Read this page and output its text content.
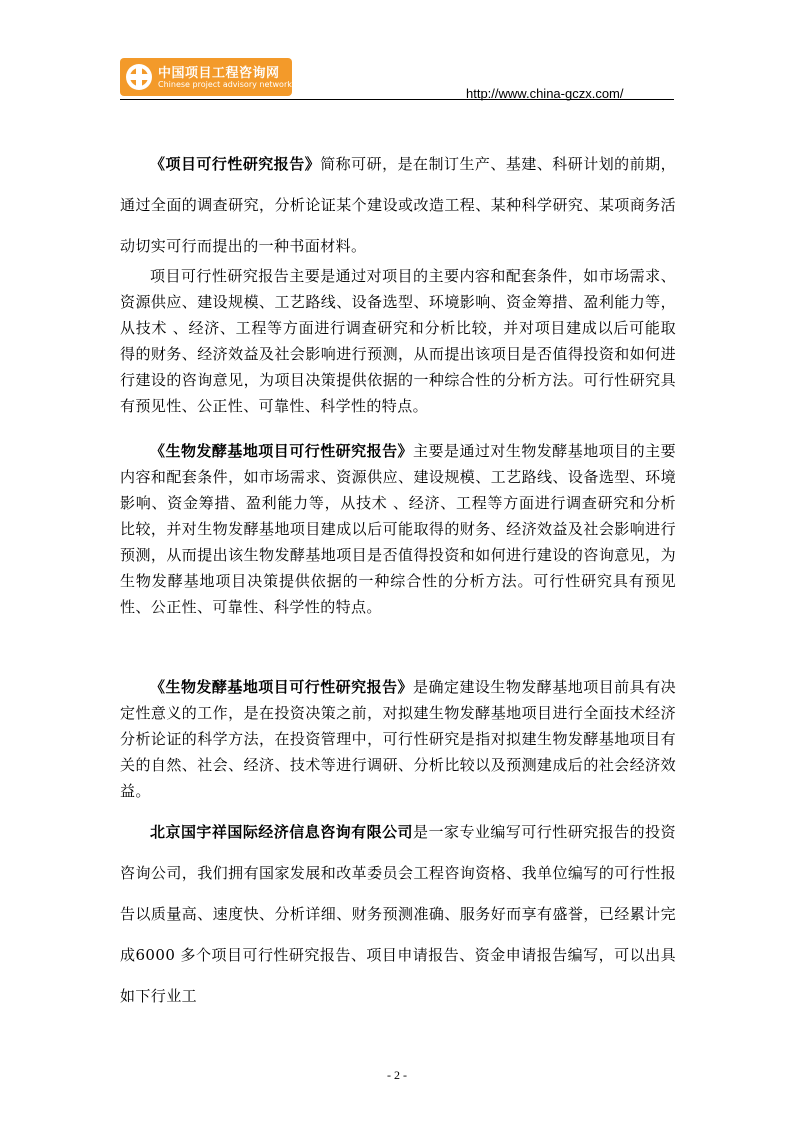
中国项目工程咨询网
Chinese project advisory network
http://www.china-gczx.com/

《项目可行性研究报告》简称可研，是在制订生产、基建、科研计划的前期，通过全面的调查研究，分析论证某个建设或改造工程、某种科学研究、某项商务活动切实可行而提出的一种书面材料。

项目可行性研究报告主要是通过对项目的主要内容和配套条件，如市场需求、资源供应、建设规模、工艺路线、设备选型、环境影响、资金筹措、盈利能力等，从技术 、经济、工程等方面进行调查研究和分析比较，并对项目建成以后可能取得的财务、经济效益及社会影响进行预测，从而提出该项目是否值得投资和如何进行建设的咨询意见，为项目决策提供依据的一种综合性的分析方法。可行性研究具有预见性、公正性、可靠性、科学性的特点。

《生物发酵基地项目可行性研究报告》主要是通过对生物发酵基地项目的主要内容和配套条件，如市场需求、资源供应、建设规模、工艺路线、设备选型、环境影响、资金筹措、盈利能力等，从技术 、经济、工程等方面进行调查研究和分析比较，并对生物发酵基地项目建成以后可能取得的财务、经济效益及社会影响进行预测，从而提出该生物发酵基地项目是否值得投资和如何进行建设的咨询意见，为生物发酵基地项目决策提供依据的一种综合性的分析方法。可行性研究具有预见性、公正性、可靠性、科学性的特点。

《生物发酵基地项目可行性研究报告》是确定建设生物发酵基地项目前具有决定性意义的工作，是在投资决策之前，对拟建生物发酵基地项目进行全面技术经济分析论证的科学方法，在投资管理中，可行性研究是指对拟建生物发酵基地项目有关的自然、社会、经济、技术等进行调研、分析比较以及预测建成后的社会经济效益。

北京国宇祥国际经济信息咨询有限公司是一家专业编写可行性研究报告的投资咨询公司，我们拥有国家发展和改革委员会工程咨询资格、我单位编写的可行性报告以质量高、速度快、分析详细、财务预测准确、服务好而享有盛誉，已经累计完成6000 多个项目可行性研究报告、项目申请报告、资金申请报告编写，可以出具如下行业工

- 2 -
